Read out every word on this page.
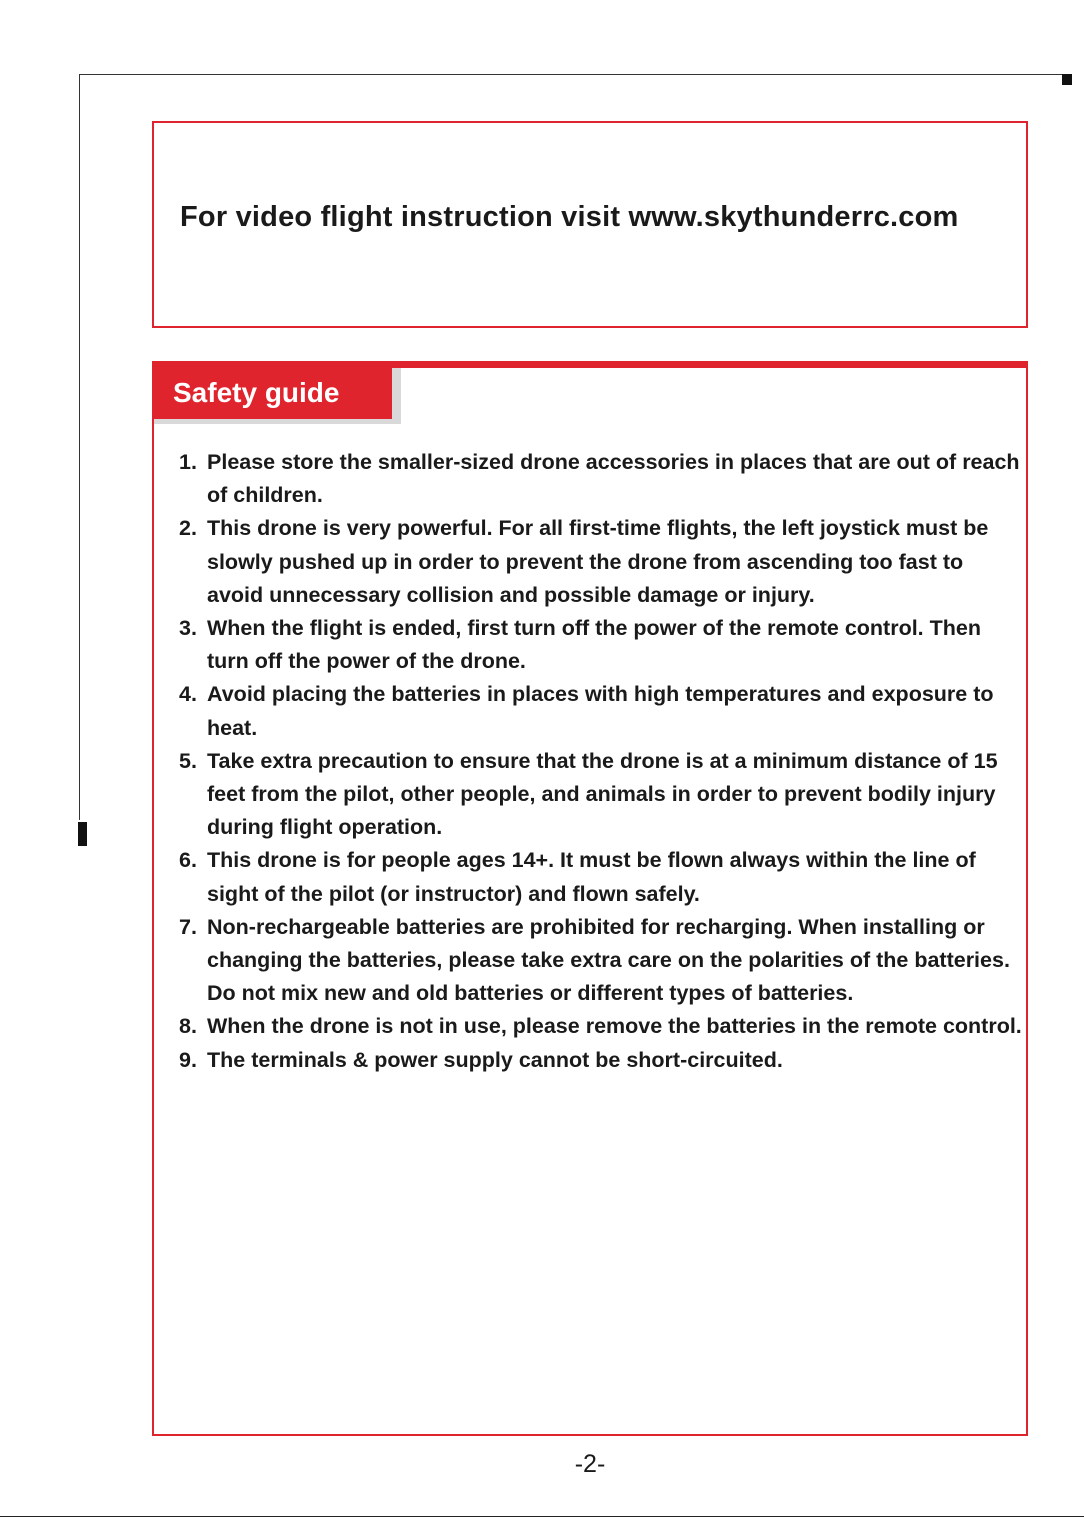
For video flight instruction visit www.skythunderrc.com
Safety guide
1. Please store the smaller-sized drone accessories in places that are out of reach of children.
2. This drone is very powerful. For all first-time flights, the left joystick must be slowly pushed up in order to prevent the drone from ascending too fast to avoid unnecessary collision and possible damage or injury.
3. When the flight is ended, first turn off the power of the remote control. Then turn off the power of the drone.
4. Avoid placing the batteries in places with high temperatures and exposure to heat.
5. Take extra precaution to ensure that the drone is at a minimum distance of 15 feet from the pilot, other people, and animals in order to prevent bodily injury during flight operation.
6. This drone is for people ages 14+. It must be flown always within the line of sight of the pilot (or instructor) and flown safely.
7. Non-rechargeable batteries are prohibited for recharging. When installing or changing the batteries, please take extra care on the polarities of the batteries. Do not mix new and old batteries or different types of batteries.
8. When the drone is not in use, please remove the batteries in the remote control.
9. The terminals & power supply cannot be short-circuited.
-2-
